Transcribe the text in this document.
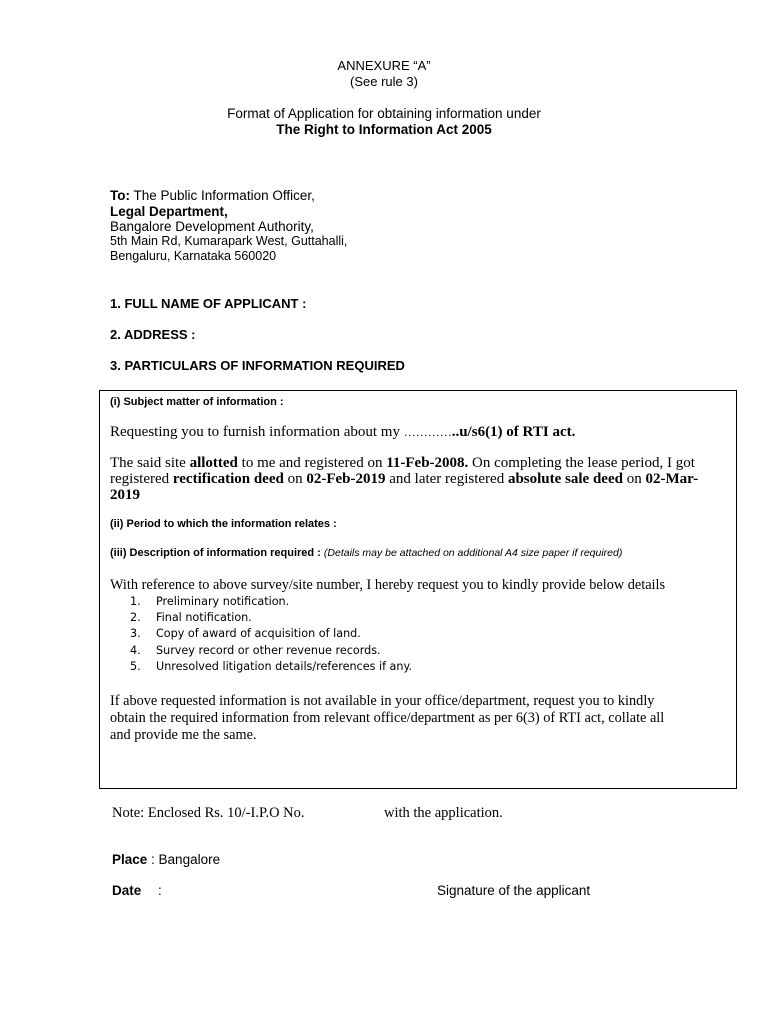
ANNEXURE “A”
(See rule 3)
Format of Application for obtaining information under
The Right to Information Act 2005
To: The Public Information Officer,
Legal Department,
Bangalore Development Authority,
5th Main Rd, Kumarapark West, Guttahalli,
Bengaluru, Karnataka 560020
1. FULL NAME OF APPLICANT :
2. ADDRESS :
3. PARTICULARS OF INFORMATION REQUIRED
(i) Subject matter of information :
Requesting you to furnish information about my …………..u/s6(1) of RTI act.
The said site allotted to me and registered on 11-Feb-2008. On completing the lease period, I got
registered rectification deed on 02-Feb-2019 and later registered absolute sale deed on 02-Mar-
2019
(ii) Period to which the information relates :
(iii) Description of information required : (Details may be attached on additional A4 size paper if required)
With reference to above survey/site number, I hereby request you to kindly provide below details
1. Preliminary notification.
2. Final notification.
3. Copy of award of acquisition of land.
4. Survey record or other revenue records.
5. Unresolved litigation details/references if any.
If above requested information is not available in your office/department, request you to kindly
obtain the required information from relevant office/department as per 6(3) of RTI act, collate all
and provide me the same.
Note: Enclosed Rs. 10/-I.P.O No.	with the application.
Place : Bangalore
Date :	Signature of the applicant
